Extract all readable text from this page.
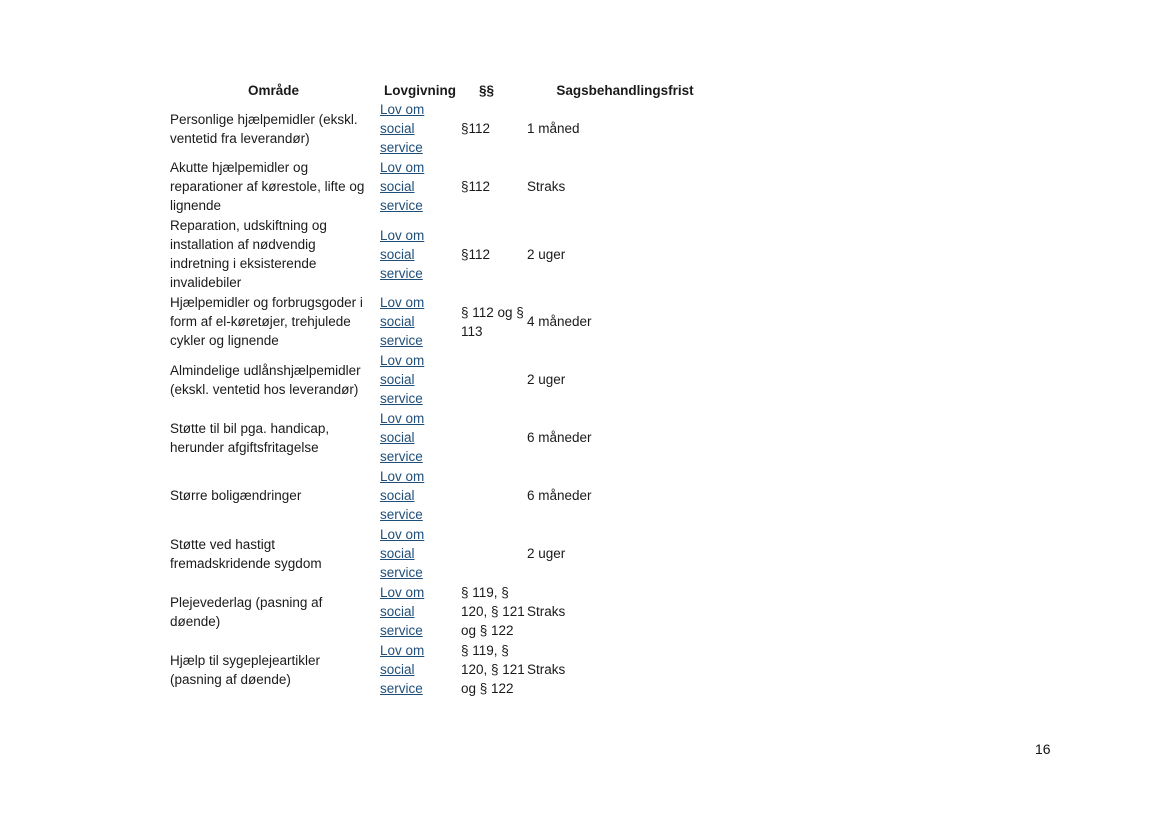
Område	Lovgivning	§§	Sagsbehandlingsfrist
Personlige hjælpemidler (ekskl. ventetid fra leverandør)	Lov om social service	§112	1 måned
Akutte hjælpemidler og reparationer af kørestole, lifte og lignende	Lov om social service	§112	Straks
Reparation, udskiftning og installation af nødvendig indretning i eksisterende invalidebiler	Lov om social service	§112	2 uger
Hjælpemidler og forbrugsgoder i form af el-køretøjer, trehjulede cykler og lignende	Lov om social service	§ 112 og § 113	4 måneder
Almindelige udlånshjælpemidler (ekskl. ventetid hos leverandør)	Lov om social service		2 uger
Støtte til bil pga. handicap, herunder afgiftsfritagelse	Lov om social service		6 måneder
Større boligændringer	Lov om social service		6 måneder
Støtte ved hastigt fremadskridende sygdom	Lov om social service		2 uger
Plejevederlag (pasning af døende)	Lov om social service	§ 119, § 120, § 121 og § 122	Straks
Hjælp til sygeplejeartikler (pasning af døende)	Lov om social service	§ 119, § 120, § 121 og § 122	Straks
16
